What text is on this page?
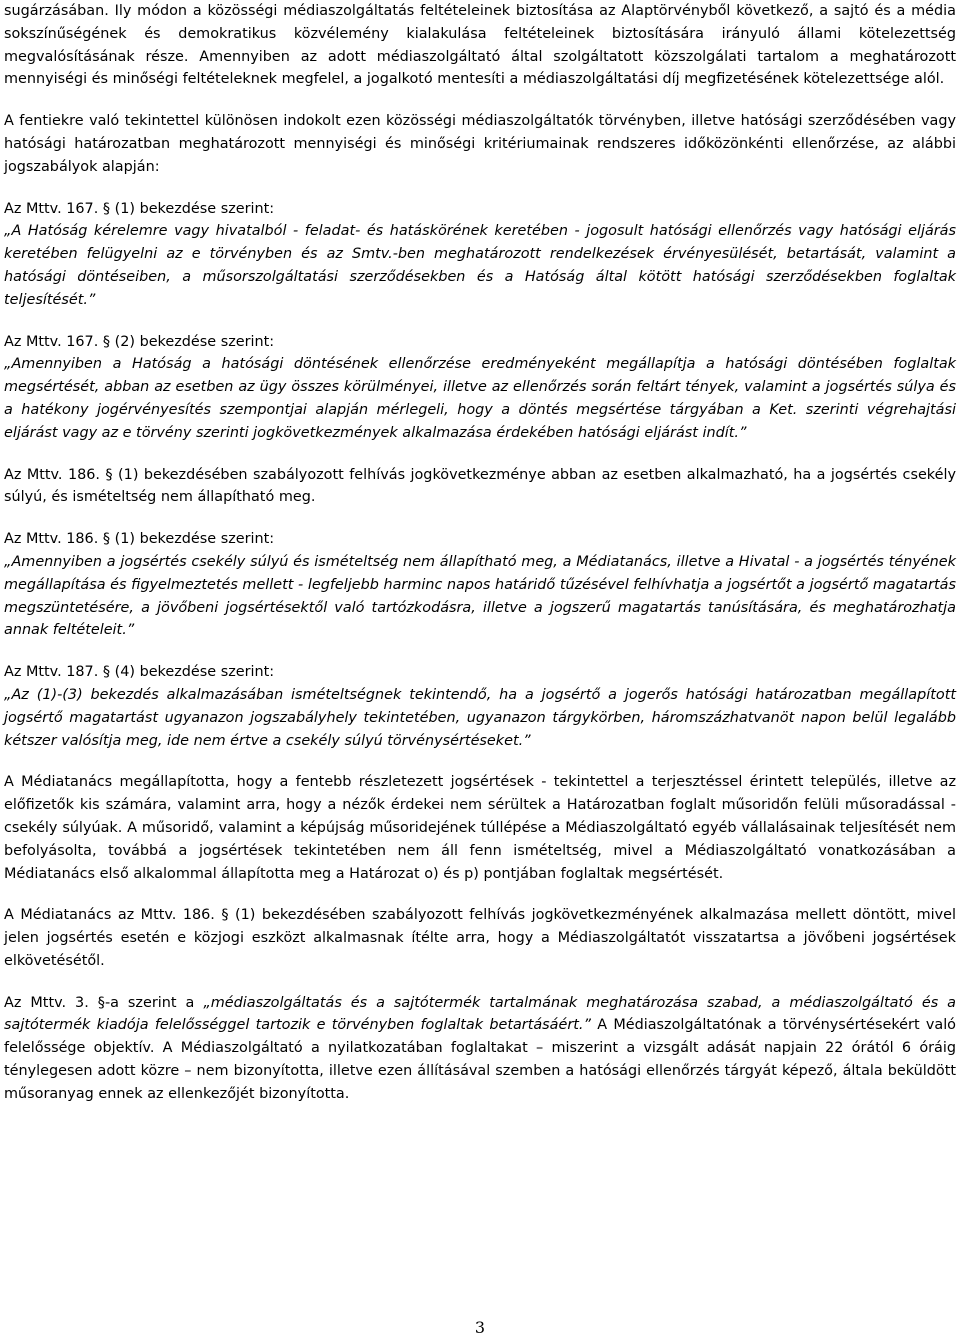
sugárzásában. Ily módon a közösségi médiaszolgáltatás feltételeinek biztosítása az Alaptörvényből következő, a sajtó és a média sokszínűségének és demokratikus közvélemény kialakulása feltételeinek biztosítására irányuló állami kötelezettség megvalósításának része. Amennyiben az adott médiaszolgáltató által szolgáltatott közszolgálati tartalom a meghatározott mennyiségi és minőségi feltételeknek megfelel, a jogalkotó mentesíti a médiaszolgáltatási díj megfizetésének kötelezettsége alól.

A fentiekre való tekintettel különösen indokolt ezen közösségi médiaszolgáltatók törvényben, illetve hatósági szerződésében vagy hatósági határozatban meghatározott mennyiségi és minőségi kritériumainak rendszeres időközönkénti ellenőrzése, az alábbi jogszabályok alapján:

Az Mttv. 167. § (1) bekezdése szerint:

„A Hatóság kérelemre vagy hivatalból - feladat- és hatáskörének keretében - jogosult hatósági ellenőrzés vagy hatósági eljárás keretében felügyelni az e törvényben és az Smtv.-ben meghatározott rendelkezések érvényesülését, betartását, valamint a hatósági döntéseiben, a műsorszolgáltatási szerződésekben és a Hatóság által kötött hatósági szerződésekben foglaltak teljesítését.”

Az Mttv. 167. § (2) bekezdése szerint:

„Amennyiben a Hatóság a hatósági döntésének ellenőrzése eredményeként megállapítja a hatósági döntésében foglaltak megsértését, abban az esetben az ügy összes körülményei, illetve az ellenőrzés során feltárt tények, valamint a jogsértés súlya és a hatékony jogérvényesítés szempontjai alapján mérlegeli, hogy a döntés megsértése tárgyában a Ket. szerinti végrehajtási eljárást vagy az e törvény szerinti jogkövetkezmények alkalmazása érdekében hatósági eljárást indít.”

Az Mttv. 186. § (1) bekezdésében szabályozott felhívás jogkövetkezménye abban az esetben alkalmazható, ha a jogsértés csekély súlyú, és ismételtség nem állapítható meg.

Az Mttv. 186. § (1) bekezdése szerint:

„Amennyiben a jogsértés csekély súlyú és ismételtség nem állapítható meg, a Médiatanács, illetve a Hivatal - a jogsértés tényének megállapítása és figyelmeztetés mellett - legfeljebb harminc napos határidő tűzésével felhívhatja a jogsértőt a jogsértő magatartás megszüntetésére, a jövőbeni jogsértésektől való tartózkodásra, illetve a jogszerű magatartás tanúsítására, és meghatározhatja annak feltételeit.”

Az Mttv. 187. § (4) bekezdése szerint:

„Az (1)-(3) bekezdés alkalmazásában ismételtségnek tekintendő, ha a jogsértő a jogerős hatósági határozatban megállapított jogsértő magatartást ugyanazon jogszabályhely tekintetében, ugyanazon tárgykörben, háromszázhatvanöt napon belül legalább kétszer valósítja meg, ide nem értve a csekély súlyú törvénysértéseket.”

A Médiatanács megállapította, hogy a fentebb részletezett jogsértések - tekintettel a terjesztéssel érintett település, illetve az előfizetők kis számára, valamint arra, hogy a nézők érdekei nem sérültek a Határozatban foglalt műsoridőn felüli műsoradással - csekély súlyúak. A műsoridő, valamint a képújság műsoridejének túllépése a Médiaszolgáltató egyéb vállalásainak teljesítését nem befolyásolta, továbbá a jogsértések tekintetében nem áll fenn ismételtség, mivel a Médiaszolgáltató vonatkozásában a Médiatanács első alkalommal állapította meg a Határozat o) és p) pontjában foglaltak megsértését.

A Médiatanács az Mttv. 186. § (1) bekezdésében szabályozott felhívás jogkövetkezményének alkalmazása mellett döntött, mivel jelen jogsértés esetén e közjogi eszközt alkalmasnak ítélte arra, hogy a Médiaszolgáltatót visszatartsa a jövőbeni jogsértések elkövetésétől.

Az Mttv. 3. §-a szerint a „médiaszolgáltatás és a sajtótermék tartalmának meghatározása szabad, a médiaszolgáltató és a sajtótermék kiadója felelősséggel tartozik e törvényben foglaltak betartásáért.” A Médiaszolgáltatónak a törvénysértésekért való felelőssége objektív. A Médiaszolgáltató a nyilatkozatában foglaltakat – miszerint a vizsgált adását napjain 22 órától 6 óráig ténylegesen adott közre – nem bizonyította, illetve ezen állításával szemben a hatósági ellenőrzés tárgyát képező, általa beküldött műsoranyag ennek az ellenkezőjét bizonyította.

3
